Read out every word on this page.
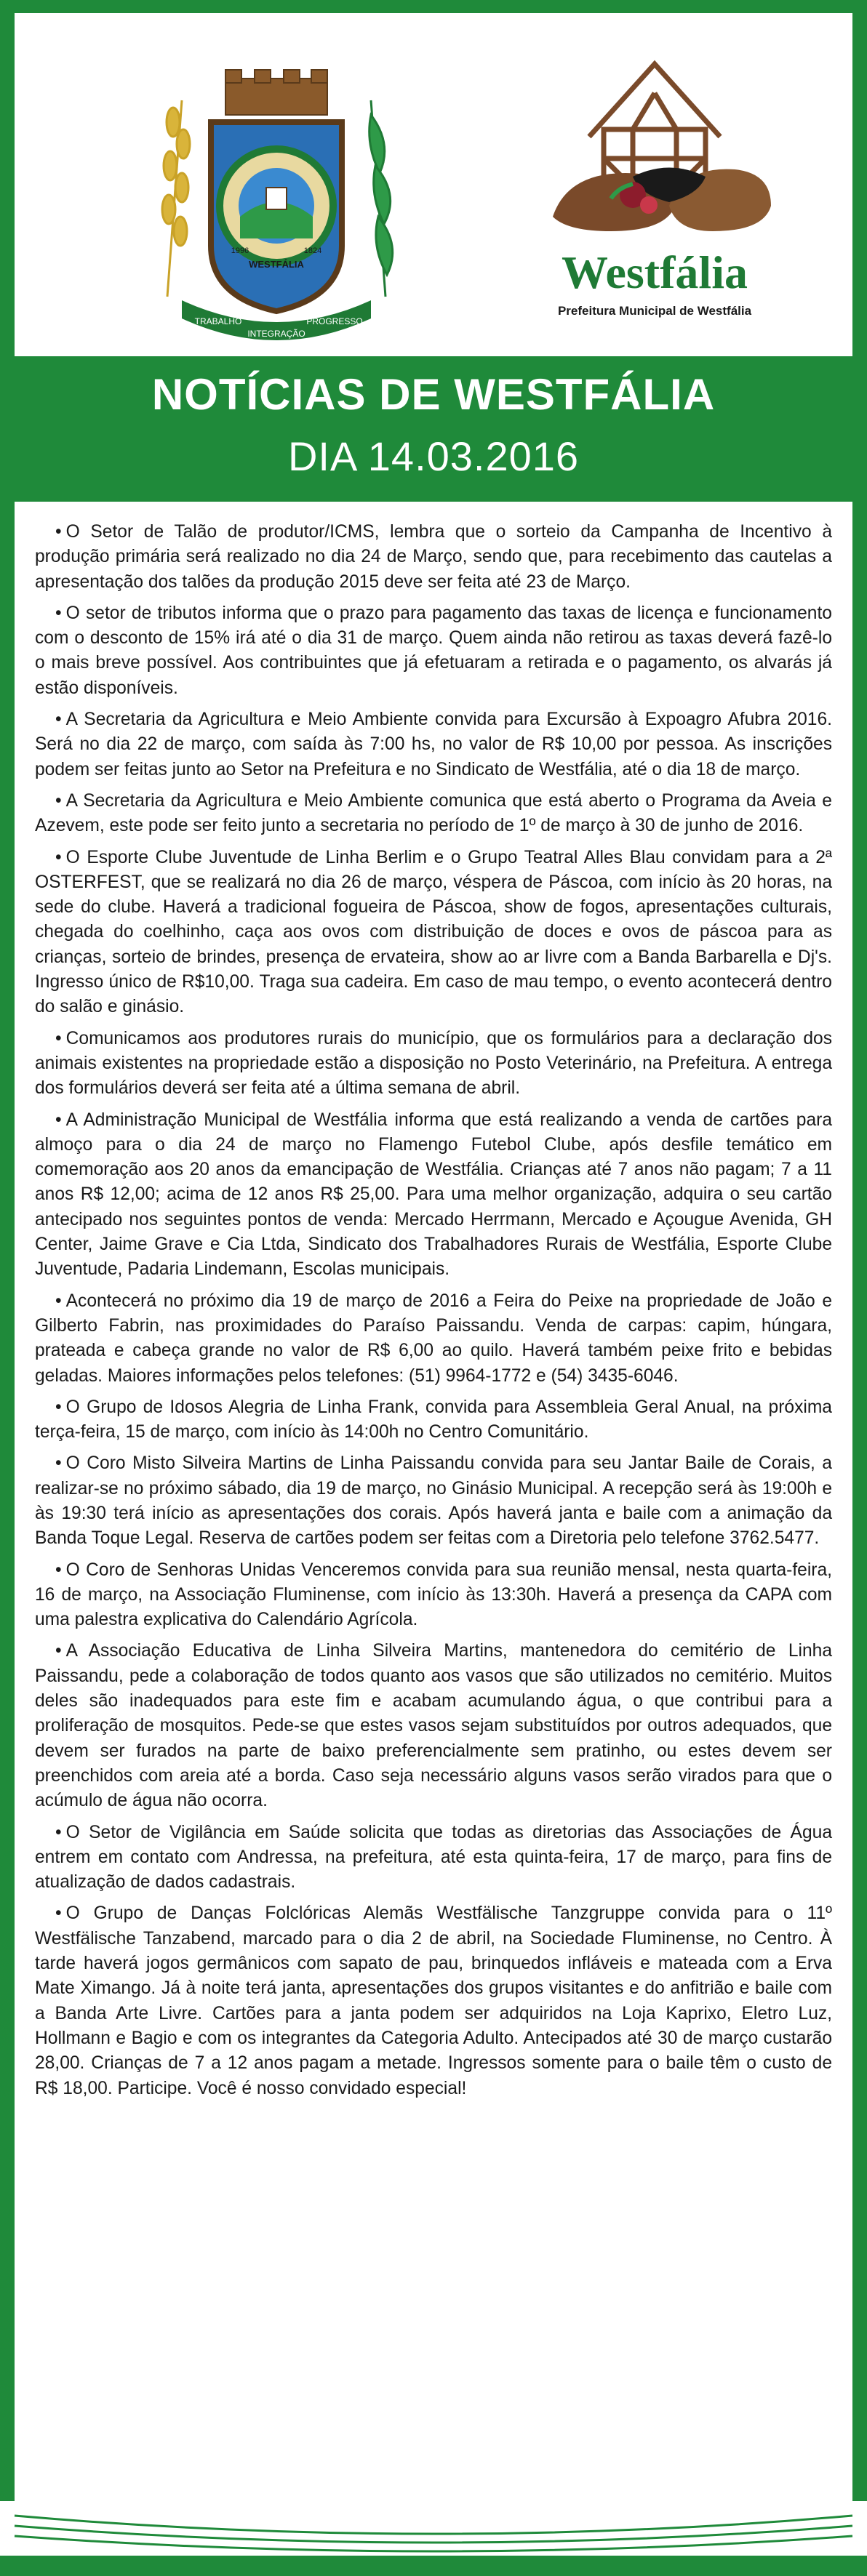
WESTFÁLIA
1996	1824
TRABALHO
INTEGRAÇÃO
PROGRESSO
Westfália
Prefeitura Municipal de Westfália
NOTÍCIAS DE WESTFÁLIA
DIA 14.03.2016

• O Setor de Talão de produtor/ICMS, lembra que o sorteio da Campanha de Incentivo à produção primária será realizado no dia 24 de Março, sendo que, para recebimento das cautelas a apresentação dos talões da produção 2015 deve ser feita até 23 de Março.

• O setor de tributos informa que o prazo para pagamento das taxas de licença e funcionamento com o desconto de 15% irá até o dia 31 de março. Quem ainda não retirou as taxas deverá fazê-lo o mais breve possível. Aos contribuintes que já efetuaram a retirada e o pagamento, os alvarás já estão disponíveis.

• A Secretaria da Agricultura e Meio Ambiente convida para Excursão à Expoagro Afubra 2016. Será no dia 22 de março, com saída às 7:00 hs, no valor de R$ 10,00 por pessoa. As inscrições podem ser feitas junto ao Setor na Prefeitura e no Sindicato de Westfália, até o dia 18 de março.

• A Secretaria da Agricultura e Meio Ambiente comunica que está aberto o Programa da Aveia e Azevem, este pode ser feito junto a secretaria no período de 1º de março à 30 de junho de 2016.

• O Esporte Clube Juventude de Linha Berlim e o Grupo Teatral Alles Blau convidam para a 2ª OSTERFEST, que se realizará no dia 26 de março, véspera de Páscoa, com início às 20 horas, na sede do clube. Haverá a tradicional fogueira de Páscoa, show de fogos, apresentações culturais, chegada do coelhinho, caça aos ovos com distribuição de doces e ovos de páscoa para as crianças, sorteio de brindes, presença de ervateira, show ao ar livre com a Banda Barbarella e Dj's. Ingresso único de R$10,00. Traga sua cadeira. Em caso de mau tempo, o evento acontecerá dentro do salão e ginásio.

• Comunicamos aos produtores rurais do município, que os formulários para a declaração dos animais existentes na propriedade estão a disposição no Posto Veterinário, na Prefeitura. A entrega dos formulários deverá ser feita até a última semana de abril.

• A Administração Municipal de Westfália informa que está realizando a venda de cartões para almoço para o dia 24 de março no Flamengo Futebol Clube, após desfile temático em comemoração aos 20 anos da emancipação de Westfália. Crianças até 7 anos não pagam; 7 a 11 anos R$ 12,00; acima de 12 anos R$ 25,00. Para uma melhor organização, adquira o seu cartão antecipado nos seguintes pontos de venda: Mercado Herrmann, Mercado e Açougue Avenida, GH Center, Jaime Grave e Cia Ltda, Sindicato dos Trabalhadores Rurais de Westfália, Esporte Clube Juventude, Padaria Lindemann, Escolas municipais.

• Acontecerá no próximo dia 19 de março de 2016 a Feira do Peixe na propriedade de João e Gilberto Fabrin, nas proximidades do Paraíso Paissandu. Venda de carpas: capim, húngara, prateada e cabeça grande no valor de R$ 6,00 ao quilo. Haverá também peixe frito e bebidas geladas. Maiores informações pelos telefones: (51) 9964-1772 e (54) 3435-6046.

• O Grupo de Idosos Alegria de Linha Frank, convida para Assembleia Geral Anual, na próxima terça-feira, 15 de março, com início às 14:00h no Centro Comunitário.

• O Coro Misto Silveira Martins de Linha Paissandu convida para seu Jantar Baile de Corais, a realizar-se no próximo sábado, dia 19 de março, no Ginásio Municipal. A recepção será às 19:00h e às 19:30 terá início as apresentações dos corais. Após haverá janta e baile com a animação da Banda Toque Legal. Reserva de cartões podem ser feitas com a Diretoria pelo telefone 3762.5477.

• O Coro de Senhoras Unidas Venceremos convida para sua reunião mensal, nesta quarta-feira, 16 de março, na Associação Fluminense, com início às 13:30h. Haverá a presença da CAPA com uma palestra explicativa do Calendário Agrícola.

• A Associação Educativa de Linha Silveira Martins, mantenedora do cemitério de Linha Paissandu, pede a colaboração de todos quanto aos vasos que são utilizados no cemitério. Muitos deles são inadequados para este fim e acabam acumulando água, o que contribui para a proliferação de mosquitos. Pede-se que estes vasos sejam substituídos por outros adequados, que devem ser furados na parte de baixo preferencialmente sem pratinho, ou estes devem ser preenchidos com areia até a borda. Caso seja necessário alguns vasos serão virados para que o acúmulo de água não ocorra.

• O Setor de Vigilância em Saúde solicita que todas as diretorias das Associações de Água entrem em contato com Andressa, na prefeitura, até esta quinta-feira, 17 de março, para fins de atualização de dados cadastrais.

• O Grupo de Danças Folclóricas Alemãs Westfälische Tanzgruppe convida para o 11º Westfälische Tanzabend, marcado para o dia 2 de abril, na Sociedade Fluminense, no Centro. À tarde haverá jogos germânicos com sapato de pau, brinquedos infláveis e mateada com a Erva Mate Ximango. Já à noite terá janta, apresentações dos grupos visitantes e do anfitrião e baile com a Banda Arte Livre. Cartões para a janta podem ser adquiridos na Loja Kaprixo, Eletro Luz, Hollmann e Bagio e com os integrantes da Categoria Adulto. Antecipados até 30 de março custarão 28,00. Crianças de 7 a 12 anos pagam a metade. Ingressos somente para o baile têm o custo de R$ 18,00. Participe. Você é nosso convidado especial!
